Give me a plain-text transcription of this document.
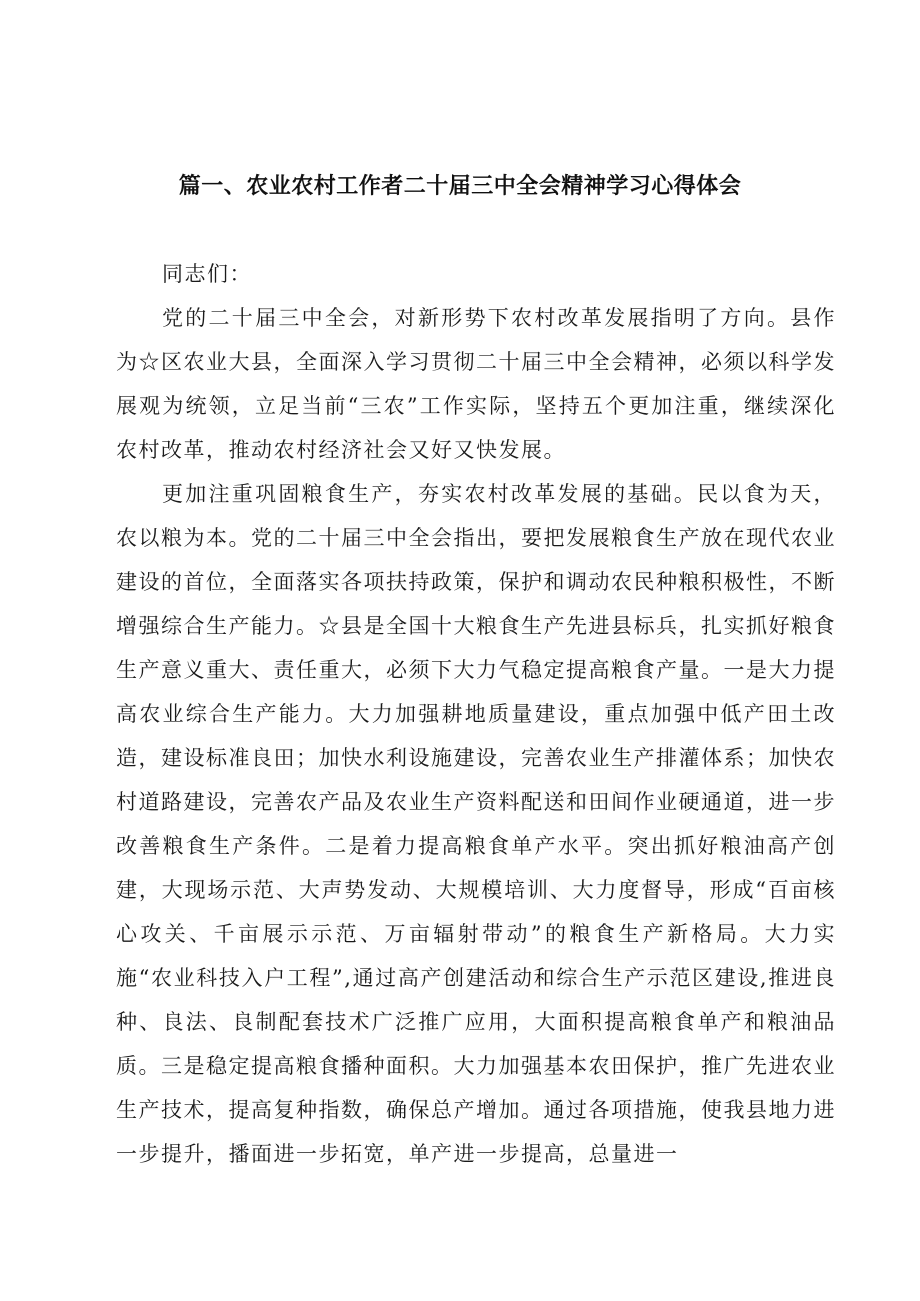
篇一、农业农村工作者二十届三中全会精神学习心得体会

同志们：

党的二十届三中全会，对新形势下农村改革发展指明了方向。县作为☆区农业大县，全面深入学习贯彻二十届三中全会精神，必须以科学发展观为统领，立足当前“三农”工作实际，坚持五个更加注重，继续深化农村改革，推动农村经济社会又好又快发展。

更加注重巩固粮食生产，夯实农村改革发展的基础。民以食为天，农以粮为本。党的二十届三中全会指出，要把发展粮食生产放在现代农业建设的首位，全面落实各项扶持政策，保护和调动农民种粮积极性，不断增强综合生产能力。☆县是全国十大粮食生产先进县标兵，扎实抓好粮食生产意义重大、责任重大，必须下大力气稳定提高粮食产量。一是大力提高农业综合生产能力。大力加强耕地质量建设，重点加强中低产田土改造，建设标准良田；加快水利设施建设，完善农业生产排灌体系；加快农村道路建设，完善农产品及农业生产资料配送和田间作业硬通道，进一步改善粮食生产条件。二是着力提高粮食单产水平。突出抓好粮油高产创建，大现场示范、大声势发动、大规模培训、大力度督导，形成“百亩核心攻关、千亩展示示范、万亩辐射带动”的粮食生产新格局。大力实施“农业科技入户工程”,通过高产创建活动和综合生产示范区建设,推进良种、良法、良制配套技术广泛推广应用，大面积提高粮食单产和粮油品质。三是稳定提高粮食播种面积。大力加强基本农田保护，推广先进农业生产技术，提高复种指数，确保总产增加。通过各项措施，使我县地力进一步提升，播面进一步拓宽，单产进一步提高，总量进一
